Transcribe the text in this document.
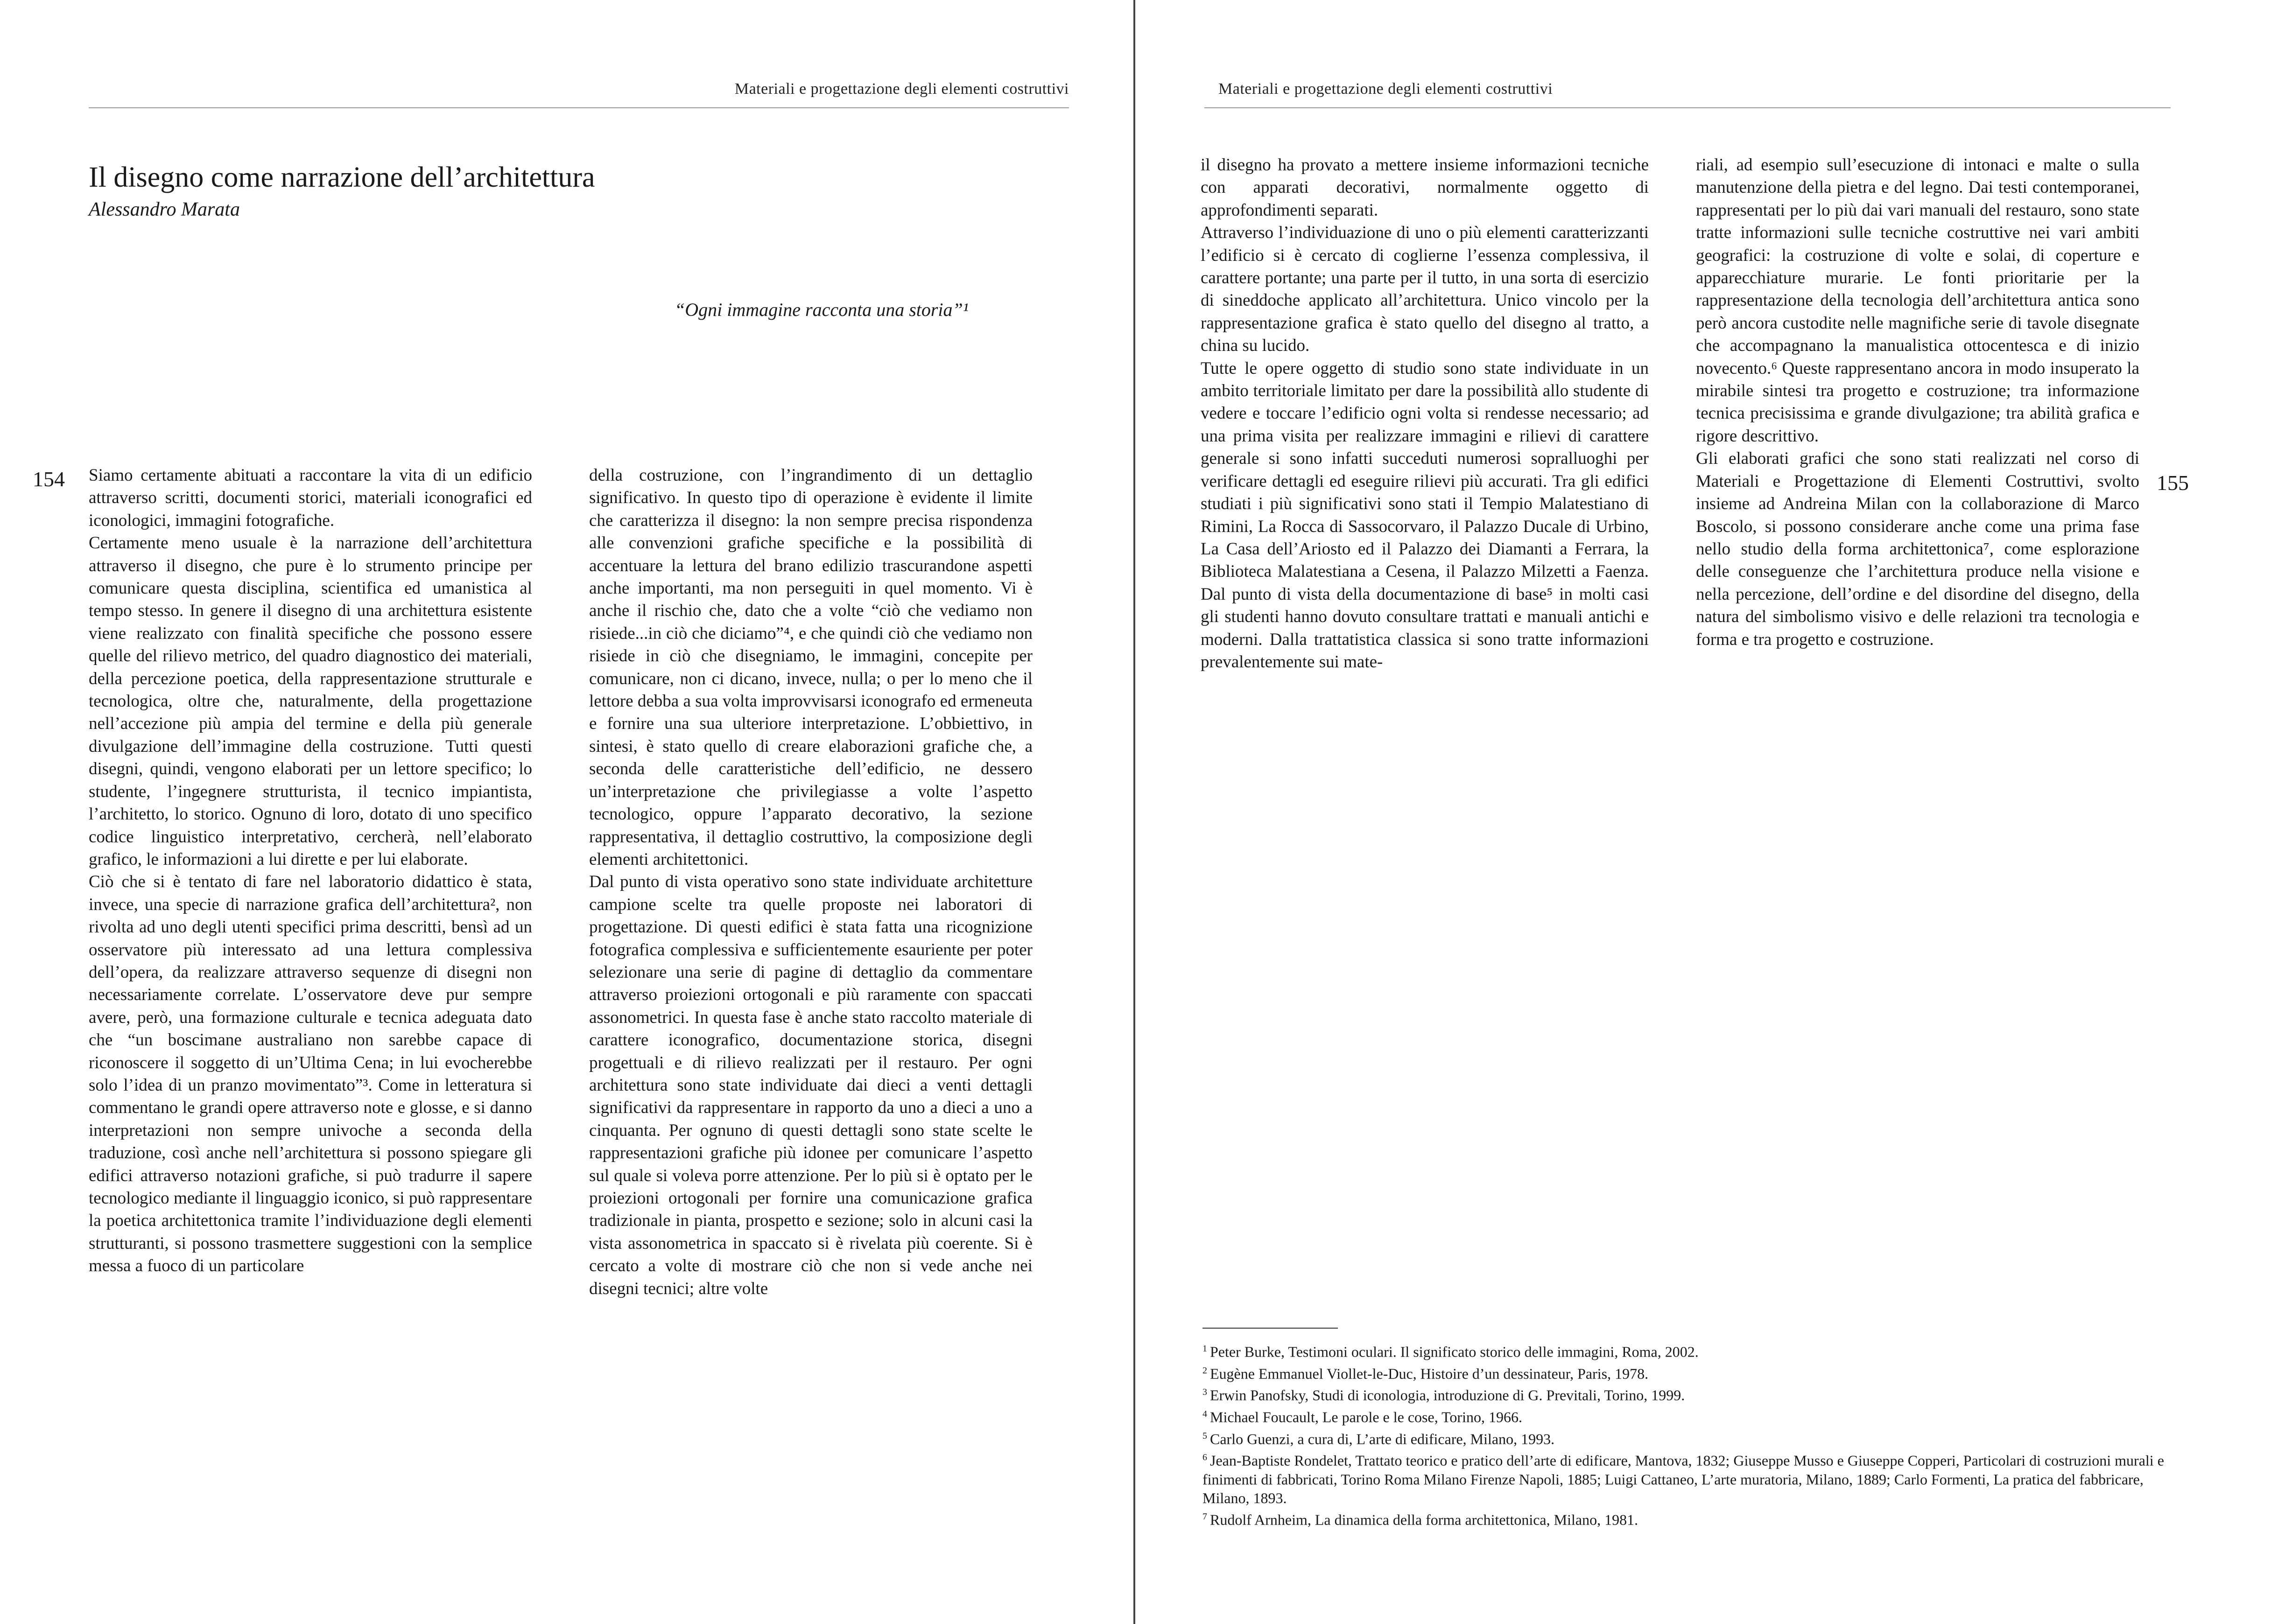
Materiali e progettazione degli elementi costruttivi
Il disegno come narrazione dell’architettura
Alessandro Marata
“Ogni immagine racconta una storia”¹
154 Siamo certamente abituati a raccontare la vita di un edificio attraverso scritti, documenti storici, materiali iconografici ed iconologici, immagini fotografiche.

Certamente meno usuale è la narrazione dell’architettura attraverso il disegno, che pure è lo strumento principe per comunicare questa disciplina, scientifica ed umanistica al tempo stesso. In genere il disegno di una architettura esistente viene realizzato con finalità specifiche che possono essere quelle del rilievo metrico, del quadro diagnostico dei materiali, della percezione poetica, della rappresentazione strutturale e tecnologica, oltre che, naturalmente, della progettazione nell’accezione più ampia del termine e della più generale divulgazione dell’immagine della costruzione. Tutti questi disegni, quindi, vengono elaborati per un lettore specifico; lo studente, l’ingegnere strutturista, il tecnico impiantista, l’architetto, lo storico. Ognuno di loro, dotato di uno specifico codice linguistico interpretativo, cercherà, nell’elaborato grafico, le informazioni a lui dirette e per lui elaborate.

Ciò che si è tentato di fare nel laboratorio didattico è stata, invece, una specie di narrazione grafica dell’architettura², non rivolta ad uno degli utenti specifici prima descritti, bensì ad un osservatore più interessato ad una lettura complessiva dell’opera, da realizzare attraverso sequenze di disegni non necessariamente correlate. L’osservatore deve pur sempre avere, però, una formazione culturale e tecnica adeguata dato che “un boscimane australiano non sarebbe capace di riconoscere il soggetto di un’Ultima Cena; in lui evocherebbe solo l’idea di un pranzo movimentato”³. Come in letteratura si commentano le grandi opere attraverso note e glosse, e si danno interpretazioni non sempre univoche a seconda della traduzione, così anche nell’architettura si possono spiegare gli edifici attraverso notazioni grafiche, si può tradurre il sapere tecnologico mediante il linguaggio iconico, si può rappresentare la poetica architettonica tramite l’individuazione degli elementi strutturanti, si possono trasmettere suggestioni con la semplice messa a fuoco di un particolare

della costruzione, con l’ingrandimento di un dettaglio significativo. In questo tipo di operazione è evidente il limite che caratterizza il disegno: la non sempre precisa rispondenza alle convenzioni grafiche specifiche e la possibilità di accentuare la lettura del brano edilizio trascurandone aspetti anche importanti, ma non perseguiti in quel momento. Vi è anche il rischio che, dato che a volte “ciò che vediamo non risiede...in ciò che diciamo”⁴, e che quindi ciò che vediamo non risiede in ciò che disegniamo, le immagini, concepite per comunicare, non ci dicano, invece, nulla; o per lo meno che il lettore debba a sua volta improvvisarsi iconografo ed ermeneuta e fornire una sua ulteriore interpretazione. L’obbiettivo, in sintesi, è stato quello di creare elaborazioni grafiche che, a seconda delle caratteristiche dell’edificio, ne dessero un’interpretazione che privilegiasse a volte l’aspetto tecnologico, oppure l’apparato decorativo, la sezione rappresentativa, il dettaglio costruttivo, la composizione degli elementi architettonici.

Dal punto di vista operativo sono state individuate architetture campione scelte tra quelle proposte nei laboratori di progettazione. Di questi edifici è stata fatta una ricognizione fotografica complessiva e sufficientemente esauriente per poter selezionare una serie di pagine di dettaglio da commentare attraverso proiezioni ortogonali e più raramente con spaccati assonometrici. In questa fase è anche stato raccolto materiale di carattere iconografico, documentazione storica, disegni progettuali e di rilievo realizzati per il restauro. Per ogni architettura sono state individuate dai dieci a venti dettagli significativi da rappresentare in rapporto da uno a dieci a uno a cinquanta. Per ognuno di questi dettagli sono state scelte le rappresentazioni grafiche più idonee per comunicare l’aspetto sul quale si voleva porre attenzione. Per lo più si è optato per le proiezioni ortogonali per fornire una comunicazione grafica tradizionale in pianta, prospetto e sezione; solo in alcuni casi la vista assonometrica in spaccato si è rivelata più coerente. Si è cercato a volte di mostrare ciò che non si vede anche nei disegni tecnici; altre volte

Materiali e progettazione degli elementi costruttivi
155

il disegno ha provato a mettere insieme informazioni tecniche con apparati decorativi, normalmente oggetto di approfondimenti separati.

Attraverso l’individuazione di uno o più elementi caratterizzanti l’edificio si è cercato di coglierne l’essenza complessiva, il carattere portante; una parte per il tutto, in una sorta di esercizio di sineddoche applicato all’architettura. Unico vincolo per la rappresentazione grafica è stato quello del disegno al tratto, a china su lucido.

Tutte le opere oggetto di studio sono state individuate in un ambito territoriale limitato per dare la possibilità allo studente di vedere e toccare l’edificio ogni volta si rendesse necessario; ad una prima visita per realizzare immagini e rilievi di carattere generale si sono infatti succeduti numerosi sopralluoghi per verificare dettagli ed eseguire rilievi più accurati. Tra gli edifici studiati i più significativi sono stati il Tempio Malatestiano di Rimini, La Rocca di Sassocorvaro, il Palazzo Ducale di Urbino, La Casa dell’Ariosto ed il Palazzo dei Diamanti a Ferrara, la Biblioteca Malatestiana a Cesena, il Palazzo Milzetti a Faenza. Dal punto di vista della documentazione di base⁵ in molti casi gli studenti hanno dovuto consultare trattati e manuali antichi e moderni. Dalla trattatistica classica si sono tratte informazioni prevalentemente sui mate-

riali, ad esempio sull’esecuzione di intonaci e malte o sulla manutenzione della pietra e del legno. Dai testi contemporanei, rappresentati per lo più dai vari manuali del restauro, sono state tratte informazioni sulle tecniche costruttive nei vari ambiti geografici: la costruzione di volte e solai, di coperture e apparecchiature murarie. Le fonti prioritarie per la rappresentazione della tecnologia dell’architettura antica sono però ancora custodite nelle magnifiche serie di tavole disegnate che accompagnano la manualistica ottocentesca e di inizio novecento.⁶ Queste rappresentano ancora in modo insuperato la mirabile sintesi tra progetto e costruzione; tra informazione tecnica precisissima e grande divulgazione; tra abilità grafica e rigore descrittivo.

Gli elaborati grafici che sono stati realizzati nel corso di Materiali e Progettazione di Elementi Costruttivi, svolto insieme ad Andreina Milan con la collaborazione di Marco Boscolo, si possono considerare anche come una prima fase nello studio della forma architettonica⁷, come esplorazione delle conseguenze che l’architettura produce nella visione e nella percezione, dell’ordine e del disordine del disegno, della natura del simbolismo visivo e delle relazioni tra tecnologia e forma e tra progetto e costruzione.

$^1$ Peter Burke, Testimoni oculari. Il significato storico delle immagini, Roma, 2002.

$^2$ Eugène Emmanuel Viollet-le-Duc, Histoire d’un dessinateur, Paris, 1978.

$^3$ Erwin Panofsky, Studi di iconologia, introduzione di G. Previtali, Torino, 1999.

$^4$ Michael Foucault, Le parole e le cose, Torino, 1966.

$^5$ Carlo Guenzi, a cura di, L’arte di edificare, Milano, 1993.

$^6$ Jean-Baptiste Rondelet, Trattato teorico e pratico dell’arte di edificare, Mantova, 1832; Giuseppe Musso e Giuseppe Copperi, Particolari di costruzioni murali e finimenti di fabbricati, Torino Roma Milano Firenze Napoli, 1885; Luigi Cattaneo, L’arte muratoria, Milano, 1889; Carlo Formenti, La pratica del fabbricare, Milano, 1893.

$^7$ Rudolf Arnheim, La dinamica della forma architettonica, Milano, 1981.
